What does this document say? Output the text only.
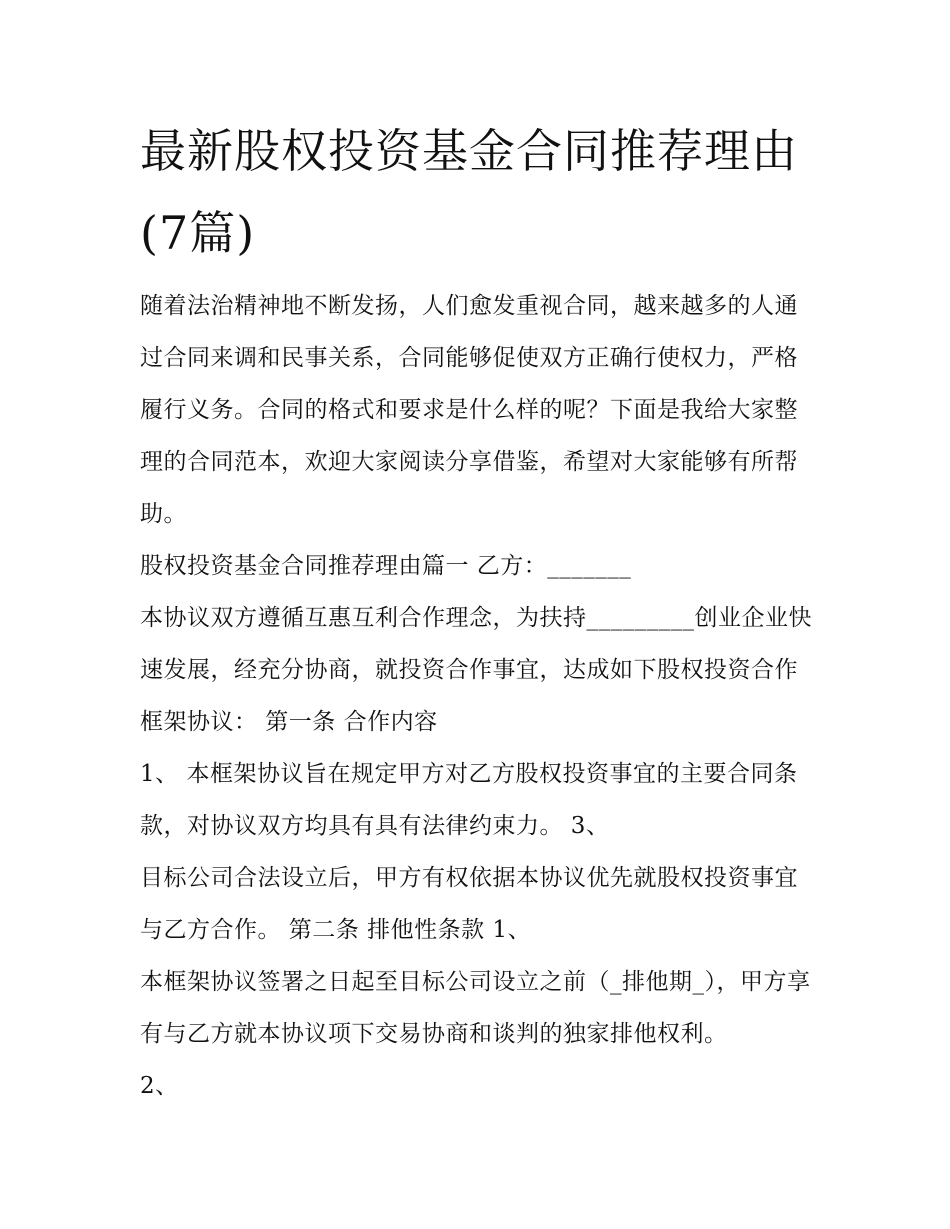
最新股权投资基金合同推荐理由(7篇)

随着法治精神地不断发扬，人们愈发重视合同，越来越多的人通过合同来调和民事关系，合同能够促使双方正确行使权力，严格履行义务。合同的格式和要求是什么样的呢？下面是我给大家整理的合同范本，欢迎大家阅读分享借鉴，希望对大家能够有所帮助。

股权投资基金合同推荐理由篇一 乙方：_______

本协议双方遵循互惠互利合作理念，为扶持_________创业企业快速发展，经充分协商，就投资合作事宜，达成如下股权投资合作框架协议： 第一条 合作内容

1、 本框架协议旨在规定甲方对乙方股权投资事宜的主要合同条款，对协议双方均具有具有法律约束力。 3、

目标公司合法设立后，甲方有权依据本协议优先就股权投资事宜与乙方合作。 第二条 排他性条款 1、

本框架协议签署之日起至目标公司设立之前（_排他期_），甲方享有与乙方就本协议项下交易协商和谈判的独家排他权利。

2、
